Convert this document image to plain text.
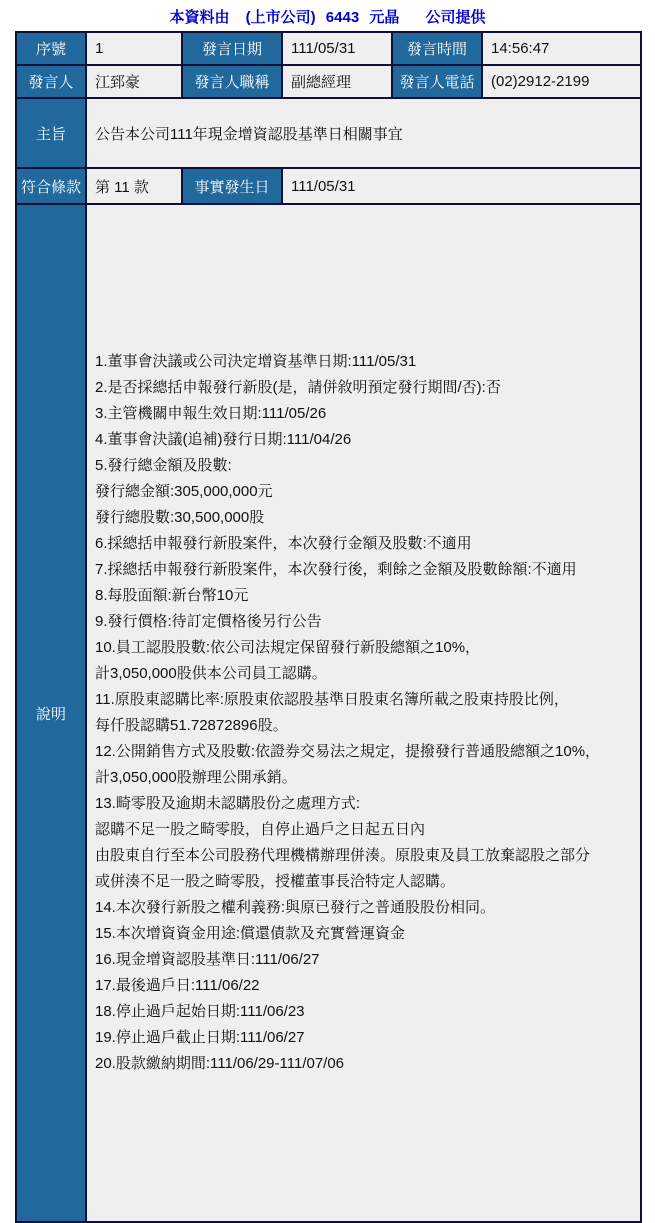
本資料由 (上市公司) 6443 元晶 公司提供
序號	1	發言日期	111/05/31	發言時間	14:56:47
發言人	江郅豪	發言人職稱	副總經理	發言人電話	(02)2912-2199
主旨	公告本公司111年現金增資認股基準日相關事宜				
符合條款	第 11 款	事實發生日	111/05/31		
說明	
1.董事會決議或公司決定增資基準日期:111/05/31
2.是否採總括申報發行新股(是，請併敘明預定發行期間/否):否
3.主管機關申報生效日期:111/05/26
4.董事會決議(追補)發行日期:111/04/26
5.發行總金額及股數:
發行總金額:305,000,000元
發行總股數:30,500,000股
6.採總括申報發行新股案件，本次發行金額及股數:不適用
7.採總括申報發行新股案件，本次發行後，剩餘之金額及股數餘額:不適用
8.每股面額:新台幣10元
9.發行價格:待訂定價格後另行公告
10.員工認股股數:依公司法規定保留發行新股總額之10%，
計3,050,000股供本公司員工認購。
11.原股東認購比率:原股東依認股基準日股東名簿所載之股東持股比例，
每仟股認購51.72872896股。
12.公開銷售方式及股數:依證券交易法之規定，提撥發行普通股總額之10%，
計3,050,000股辦理公開承銷。
13.畸零股及逾期未認購股份之處理方式:
認購不足一股之畸零股，自停止過戶之日起五日內
由股東自行至本公司股務代理機構辦理併湊。原股東及員工放棄認股之部分
或併湊不足一股之畸零股，授權董事長洽特定人認購。
14.本次發行新股之權利義務:與原已發行之普通股股份相同。
15.本次增資資金用途:償還債款及充實營運資金
16.現金增資認股基準日:111/06/27
17.最後過戶日:111/06/22
18.停止過戶起始日期:111/06/23
19.停止過戶截止日期:111/06/27
20.股款繳納期間:111/06/29-111/07/06
